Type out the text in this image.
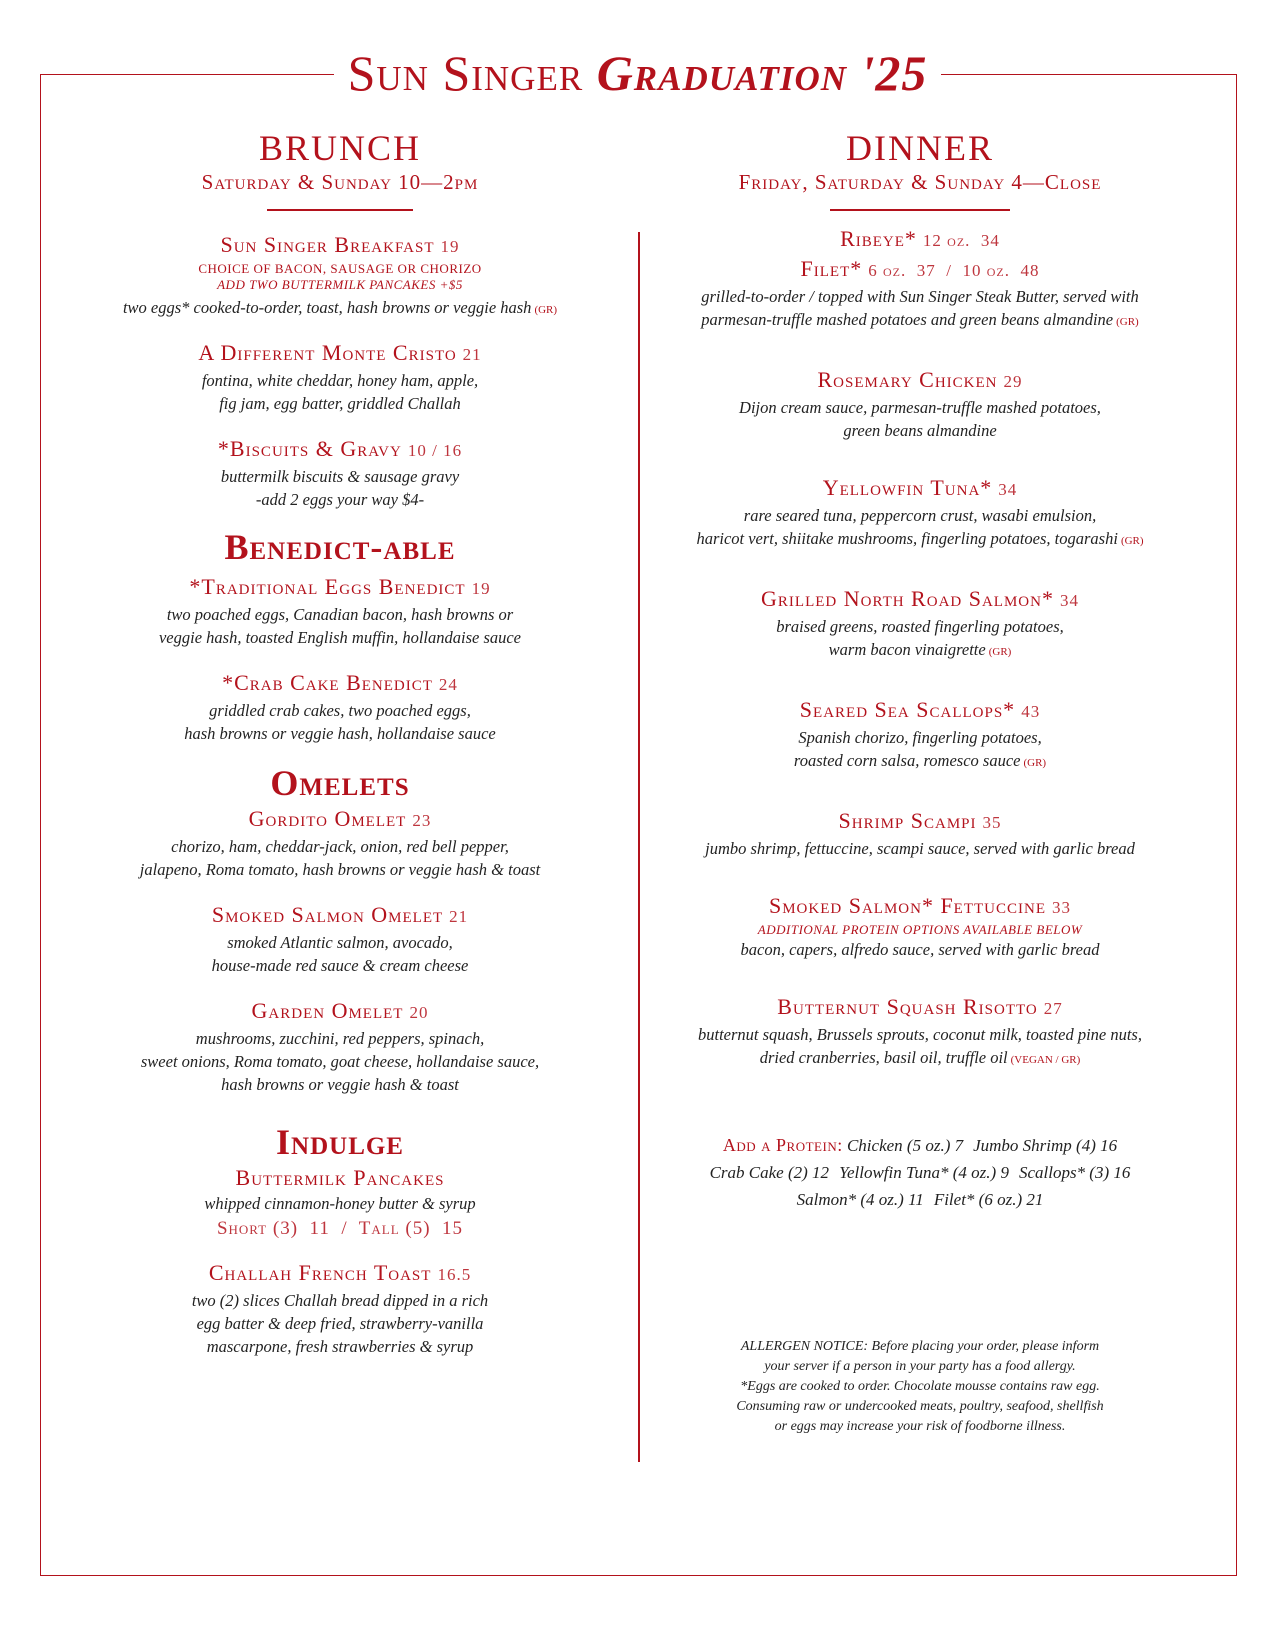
Sun Singer Graduation '25
BRUNCH
Saturday & Sunday 10—2pm
Sun Singer Breakfast 19
CHOICE OF BACON, SAUSAGE OR CHORIZO
ADD TWO BUTTERMILK PANCAKES +$5
two eggs* cooked-to-order, toast, hash browns or veggie hash (GR)
A Different Monte Cristo 21
fontina, white cheddar, honey ham, apple,
fig jam, egg batter, griddled Challah
*Biscuits & Gravy 10 / 16
buttermilk biscuits & sausage gravy
-add 2 eggs your way $4-
Benedict-able
*Traditional Eggs Benedict 19
two poached eggs, Canadian bacon, hash browns or
veggie hash, toasted English muffin, hollandaise sauce
*Crab Cake Benedict 24
griddled crab cakes, two poached eggs,
hash browns or veggie hash, hollandaise sauce
Omelets
Gordito Omelet 23
chorizo, ham, cheddar-jack, onion, red bell pepper,
jalapeno, Roma tomato, hash browns or veggie hash & toast
Smoked Salmon Omelet 21
smoked Atlantic salmon, avocado,
house-made red sauce & cream cheese
Garden Omelet 20
mushrooms, zucchini, red peppers, spinach,
sweet onions, Roma tomato, goat cheese, hollandaise sauce,
hash browns or veggie hash & toast
Indulge
Buttermilk Pancakes
whipped cinnamon-honey butter & syrup
Short (3)  11  /  Tall (5)  15
Challah French Toast 16.5
two (2) slices Challah bread dipped in a rich
egg batter & deep fried, strawberry-vanilla
mascarpone, fresh strawberries & syrup
DINNER
Friday, Saturday & Sunday 4—Close
Ribeye* 12 oz.  34
Filet* 6 oz.  37  /  10 oz.  48
grilled-to-order / topped with Sun Singer Steak Butter, served with
parmesan-truffle mashed potatoes and green beans almandine (GR)
Rosemary Chicken 29
Dijon cream sauce, parmesan-truffle mashed potatoes,
green beans almandine
Yellowfin Tuna* 34
rare seared tuna, peppercorn crust, wasabi emulsion,
haricot vert, shiitake mushrooms, fingerling potatoes, togarashi (GR)
Grilled North Road Salmon* 34
braised greens, roasted fingerling potatoes,
warm bacon vinaigrette (GR)
Seared Sea Scallops* 43
Spanish chorizo, fingerling potatoes,
roasted corn salsa, romesco sauce (GR)
Shrimp Scampi 35
jumbo shrimp, fettuccine, scampi sauce, served with garlic bread
Smoked Salmon* Fettuccine 33
ADDITIONAL PROTEIN OPTIONS AVAILABLE BELOW
bacon, capers, alfredo sauce, served with garlic bread
Butternut Squash Risotto 27
butternut squash, Brussels sprouts, coconut milk, toasted pine nuts,
dried cranberries, basil oil, truffle oil (VEGAN / GR)
Add a Protein: Chicken (5 oz.) 7 Jumbo Shrimp (4) 16
Crab Cake (2) 12 Yellowfin Tuna* (4 oz.) 9 Scallops* (3) 16
Salmon* (4 oz.) 11 Filet* (6 oz.) 21
ALLERGEN NOTICE: Before placing your order, please inform
your server if a person in your party has a food allergy.
*Eggs are cooked to order. Chocolate mousse contains raw egg.
Consuming raw or undercooked meats, poultry, seafood, shellfish
or eggs may increase your risk of foodborne illness.
